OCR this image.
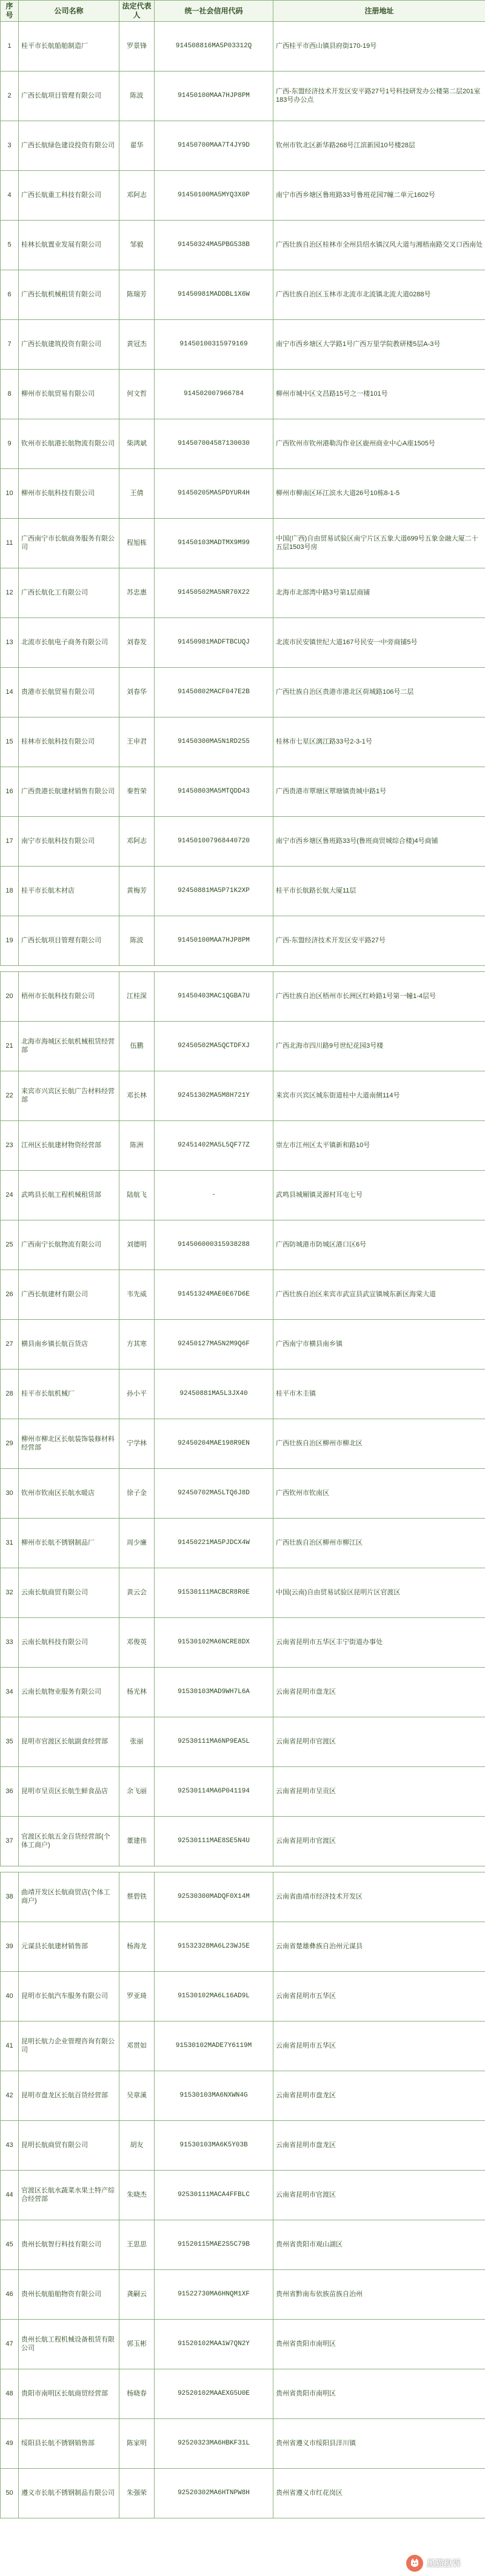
序号	公司名称	法定代表人	统一社会信用代码	注册地址
1	桂平市长航船舶制造厂	罗景锋	914508816MA5P03312Q	广西桂平市西山镇县府街170-19号
2	广西长航项目管理有限公司	陈波	91450100MAA7HJP8PM	广西-东盟经济技术开发区安平路27号1号科技研发办公楼第二层201室183号办公点
3	广西长航绿色建设投资有限公司	翟华	91450700MAA7T4JY9D	钦州市钦北区新华路268号江滨新园10号楼28层
4	广西长航重工科技有限公司	邓阿志	91450100MA5MYQ3X0P	南宁市西乡塘区鲁班路33号鲁班花园7幢二单元1602号
5	桂林长航置业发展有限公司	邹毅	91450324MA5PBG538B	广西壮族自治区桂林市全州县绍水镇汉风大道与湘梧南路交叉口西南处
6	广西长航机械租赁有限公司	陈瑞芳	91450981MADDBL1X6W	广西壮族自治区玉林市北流市北流镇北流大道0288号
7	广西长航建筑投资有限公司	黄冠杰	91450100315979169	南宁市西乡塘区大学路1号广西万里学院教研楼5层A-3号
8	柳州市长航贸易有限公司	何文哲	914502007966784	柳州市城中区文昌路15号之一楼101号
9	钦州市长航港长航物流有限公司	柴鸿斌	914507004587130030	广西钦州市钦州港勒沟作业区鹿州商业中心A座1505号
10	柳州市长航科技有限公司	王倩	91450205MA5PDYUR4H	柳州市柳南区环江滨水大道26号10栋8-1-5
11	广西南宁市长航商务服务有限公司	程旭栋	91450103MADTMX9M99	中国(广西)自由贸易试验区南宁片区五象大道699号五象金融大厦二十五层1503号房
12	广西长航化工有限公司	苏忠惠	91450502MA5NR70X22	北海市北部湾中路3号第1层商铺
13	北流市长航电子商务有限公司	刘春发	91450981MADFTBCUQJ	北流市民安镇世纪大道167号民安一中旁商铺5号
14	贵港市长航贸易有限公司	刘春华	91450802MACF047E2B	广西壮族自治区贵港市港北区荷城路106号二层
15	桂林市长航科技有限公司	王申君	91450300MA5N1RD255	桂林市七星区漓江路33号2-3-1号
16	广西贵港长航建材销售有限公司	秦哲荣	91450803MA5MTQDD43	广西贵港市覃塘区覃塘镇贵城中路1号
17	南宁市长航科技有限公司	邓阿志	914501007968440720	南宁市西乡塘区鲁班路33号(鲁班商贸城综合楼)4号商铺
18	桂平市长航木材店	黄梅芳	92450881MA5P71K2XP	桂平市长航路长航大厦11层
19	广西长航项目管理有限公司	陈波	91450100MAA7HJP8PM	广西-东盟经济技术开发区安平路27号

20	梧州市长航科技有限公司	江桂深	91450403MAC1QGBA7U	广西壮族自治区梧州市长洲区红岭路1号第一幢1-4层号
21	北海市海城区长航机械租赁经营部	伍鹏	92450502MA5QCTDFXJ	广西北海市四川路9号世纪花园3号楼
22	来宾市兴宾区长航广告材料经营部	邓长林	92451302MA5M8H721Y	来宾市兴宾区城东街道桂中大道南侧114号
23	江州区长航建材物资经营部	陈洲	92451402MA5L5QF77Z	崇左市江州区太平镇新和路10号
24	武鸣县长航工程机械租赁部	陆航飞	-	武鸣县城厢镇灵源村耳屯七号
25	广西南宁长航物流有限公司	刘德明	914506000315938288	广西防城港市防城区港口区6号
26	广西长航建材有限公司	韦先威	91451324MAE0E67D6E	广西壮族自治区来宾市武宣县武宣镇城东新区海棠大道
27	横县南乡镇长航百货店	方其寒	92450127MA5N2M9Q6F	广西南宁市横县南乡镇
28	桂平市长航机械厂	孙小平	92450881MA5L3JX40	桂平市木圭镇
29	柳州市柳北区长航装饰装修材料经营部	宁学林	92450204MAE198R9EN	广西壮族自治区柳州市柳北区
30	钦州市钦南区长航水暖店	徐子金	92450702MA5LTQ6J8D	广西钦州市钦南区
31	柳州市长航不锈钢制品厂	周少廉	91450221MA5PJDCX4W	广西壮族自治区柳州市柳江区
32	云南长航商贸有限公司	黄云会	91530111MACBCR8R0E	中国(云南)自由贸易试验区昆明片区官渡区
33	云南长航科技有限公司	邓俊英	91530102MA6NCRE8DX	云南省昆明市五华区丰宁街道办事处
34	云南长航物业服务有限公司	杨光林	91530103MAD9WH7L6A	云南省昆明市盘龙区
35	昆明市官渡区长航副食经营部	张丽	92530111MA6NP9EA5L	云南省昆明市官渡区
36	昆明市呈贡区长航生鲜食品店	余飞丽	92530114MA6P041194	云南省昆明市呈贡区
37	官渡区长航五金百货经营部(个体工商户)	董建伟	92530111MAE8SE5N4U	云南省昆明市官渡区

38	曲靖开发区长航商贸店(个体工商户)	蔡碧铁	92530300MADQF0X14M	云南省曲靖市经济技术开发区
39	元谋县长航建材销售部	杨海龙	91532328MA6L23WJ5E	云南省楚雄彝族自治州元谋县
40	昆明市长航汽车服务有限公司	罗亚琦	91530102MA6L16AD9L	云南省昆明市五华区
41	昆明长航力企业管理咨询有限公司	邓贯如	91530102MADE7Y6119M	云南省昆明市五华区
42	昆明市盘龙区长航百货经营部	吴章溪	91530103MA6NXWN4G	云南省昆明市盘龙区
43	昆明长航商贸有限公司	胡友	91530103MA6K5Y03B	云南省昆明市盘龙区
44	官渡区长航水蔬菜水果土特产综合经营部	朱晓杰	92530111MACA4FFBLC	云南省昆明市官渡区
45	贵州长航智行科技有限公司	王思思	91520115MAE2S5C79B	贵州省贵阳市观山湖区
46	贵州长航船舶物资有限公司	龚嗣云	91522730MA6HNQM1XF	贵州省黔南布依族苗族自治州
47	贵州长航工程机械设备租赁有限公司	郭玉彬	91520102MAA1W7QN2Y	贵州省贵阳市南明区
48	贵阳市南明区长航商贸经营部	杨晓春	92520102MAAEXG5U0E	贵州省贵阳市南明区
49	绥阳县长航不锈钢销售部	陈家明	92520323MA6HBKF31L	贵州省遵义市绥阳县洋川镇
50	遵义市长航不锈钢制品有限公司	朱强荣	92520302MA6HTNPW8H	贵州省遵义市红花岗区
黑猫投诉
